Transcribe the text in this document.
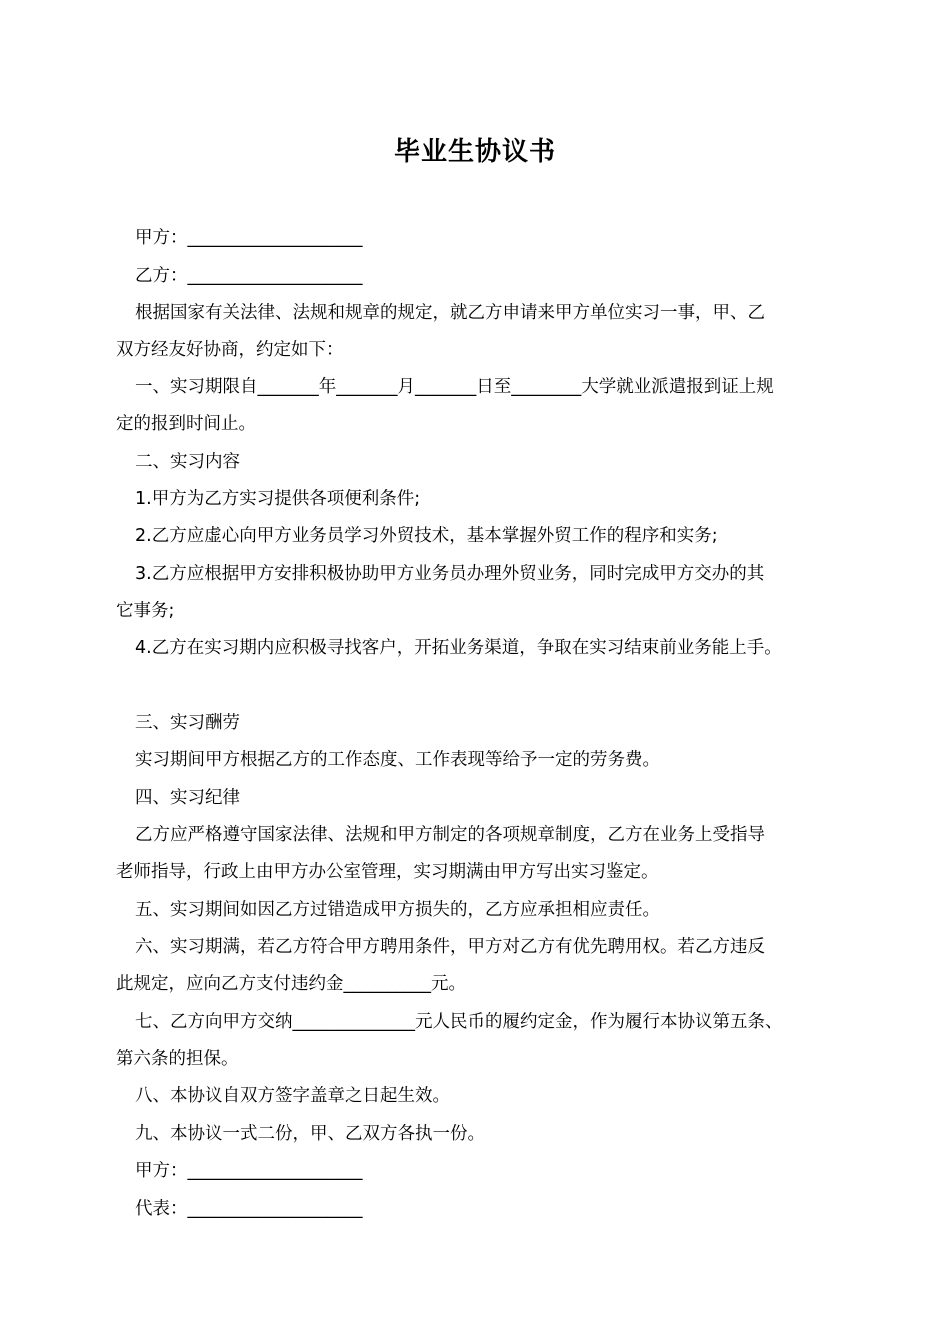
毕业生协议书
甲方：____________________
乙方：____________________
根据国家有关法律、法规和规章的规定，就乙方申请来甲方单位实习一事，甲、乙
双方经友好协商，约定如下：
一、实习期限自_______年_______月_______日至________大学就业派遣报到证上规
定的报到时间止。
二、实习内容
1.甲方为乙方实习提供各项便利条件;
2.乙方应虚心向甲方业务员学习外贸技术，基本掌握外贸工作的程序和实务;
3.乙方应根据甲方安排积极协助甲方业务员办理外贸业务，同时完成甲方交办的其
它事务;
4.乙方在实习期内应积极寻找客户，开拓业务渠道，争取在实习结束前业务能上手。
三、实习酬劳
实习期间甲方根据乙方的工作态度、工作表现等给予一定的劳务费。
四、实习纪律
乙方应严格遵守国家法律、法规和甲方制定的各项规章制度，乙方在业务上受指导
老师指导，行政上由甲方办公室管理，实习期满由甲方写出实习鉴定。
五、实习期间如因乙方过错造成甲方损失的，乙方应承担相应责任。
六、实习期满，若乙方符合甲方聘用条件，甲方对乙方有优先聘用权。若乙方违反
此规定，应向乙方支付违约金__________元。
七、乙方向甲方交纳______________元人民币的履约定金，作为履行本协议第五条、
第六条的担保。
八、本协议自双方签字盖章之日起生效。
九、本协议一式二份，甲、乙双方各执一份。
甲方：____________________
代表：____________________
